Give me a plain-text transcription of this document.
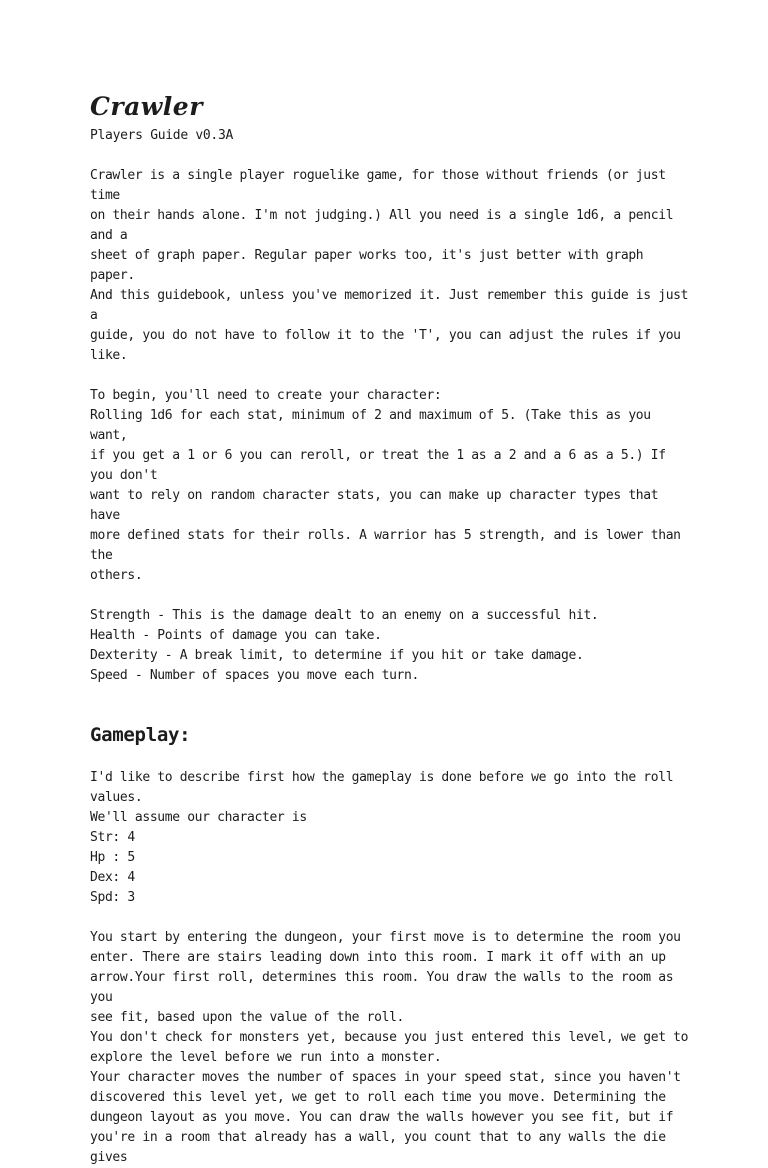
Crawler
Players Guide v0.3A

Crawler is a single player roguelike game, for those without friends (or just time
on their hands alone. I'm not judging.) All you need is a single 1d6, a pencil and a
sheet of graph paper. Regular paper works too, it's just better with graph paper.
And this guidebook, unless you've memorized it. Just remember this guide is just a
guide, you do not have to follow it to the 'T', you can adjust the rules if you like.

To begin, you'll need to create your character:
Rolling 1d6 for each stat, minimum of 2 and maximum of 5. (Take this as you want,
if you get a 1 or 6 you can reroll, or treat the 1 as a 2 and a 6 as a 5.) If you don't
want to rely on random character stats, you can make up character types that have
more defined stats for their rolls. A warrior has 5 strength, and is lower than the
others.

Strength - This is the damage dealt to an enemy on a successful hit.

Health - Points of damage you can take.

Dexterity - A break limit, to determine if you hit or take damage.

Speed - Number of spaces you move each turn.

Gameplay:

I'd like to describe first how the gameplay is done before we go into the roll
values.
We'll assume our character is
Str: 4
Hp : 5
Dex: 4
Spd: 3

You start by entering the dungeon, your first move is to determine the room you
enter. There are stairs leading down into this room. I mark it off with an up
arrow.Your first roll, determines this room. You draw the walls to the room as you
see fit, based upon the value of the roll.
You don't check for monsters yet, because you just entered this level, we get to
explore the level before we run into a monster.
Your character moves the number of spaces in your speed stat, since you haven't
discovered this level yet, we get to roll each time you move. Determining the
dungeon layout as you move. You can draw the walls however you see fit, but if
you're in a room that already has a wall, you count that to any walls the die gives
